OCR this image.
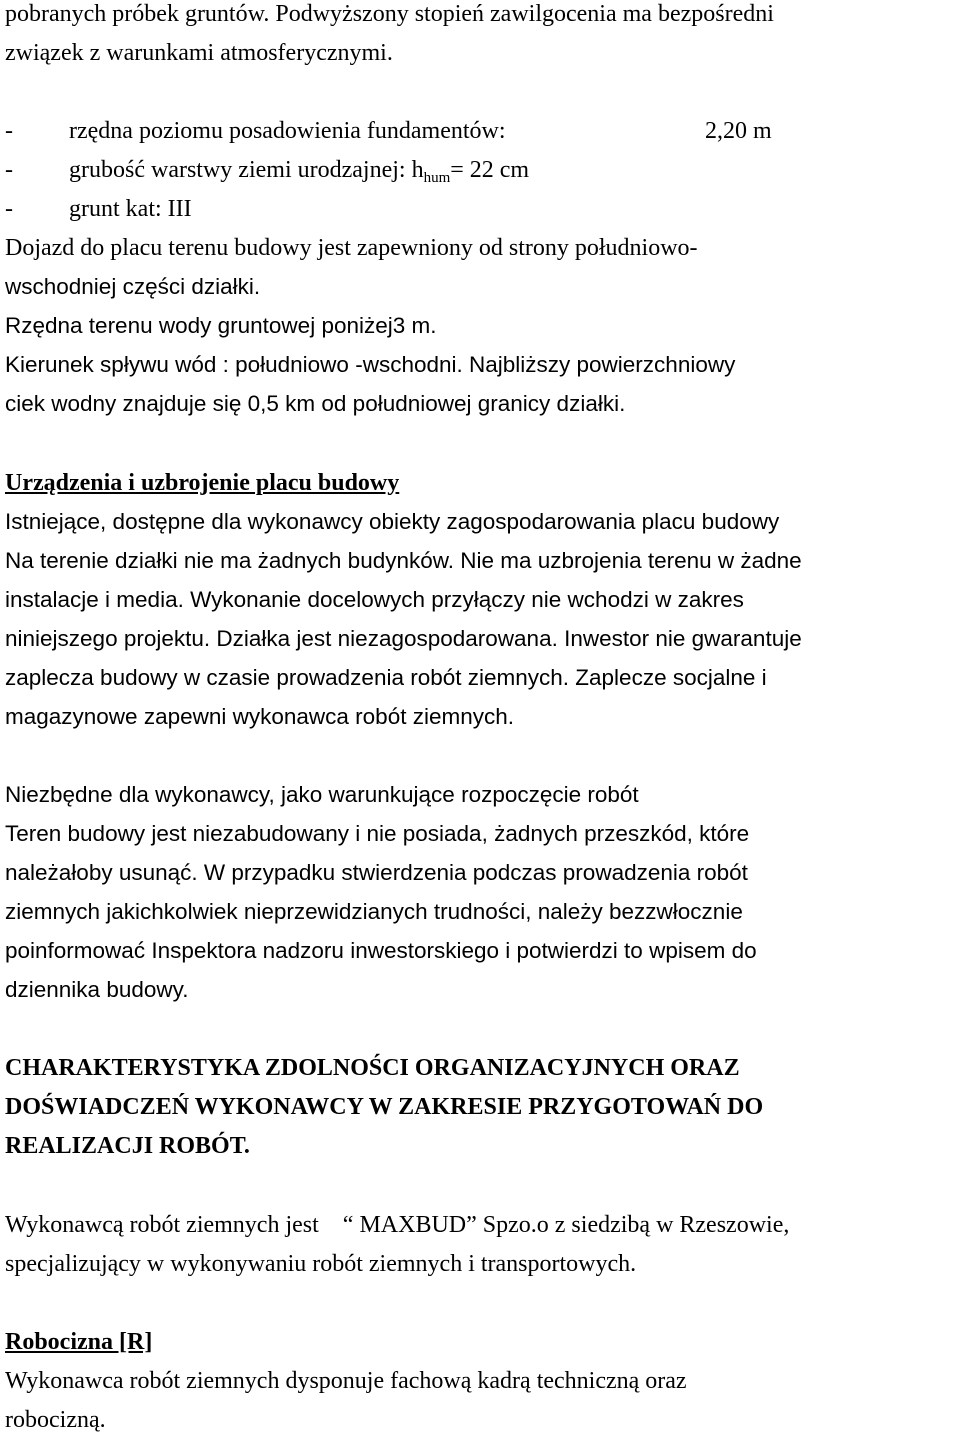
pobranych próbek gruntów. Podwyższony stopień zawilgocenia ma bezpośredni
związek z warunkami atmosferycznymi.
- rzędna poziomu posadowienia fundamentów:	2,20 m
- grubość warstwy ziemi urodzajnej: $h_{hum}= 22$ cm
- grunt kat: III
Dojazd do placu terenu budowy jest zapewniony od strony południowo-
wschodniej części działki.
Rzędna terenu wody gruntowej poniżej3 m.
Kierunek spływu wód : południowo -wschodni. Najbliższy powierzchniowy
ciek wodny znajduje się 0,5 km od południowej granicy działki.
Urządzenia i uzbrojenie placu budowy
Istniejące, dostępne dla wykonawcy obiekty zagospodarowania placu budowy
Na terenie działki nie ma żadnych budynków. Nie ma uzbrojenia terenu w żadne
instalacje i media. Wykonanie docelowych przyłączy nie wchodzi w zakres
niniejszego projektu. Działka jest niezagospodarowana. Inwestor nie gwarantuje
zaplecza budowy w czasie prowadzenia robót ziemnych. Zaplecze socjalne i
magazynowe zapewni wykonawca robót ziemnych.
Niezbędne dla wykonawcy, jako warunkujące rozpoczęcie robót
Teren budowy jest niezabudowany i nie posiada, żadnych przeszkód, które
należałoby usunąć. W przypadku stwierdzenia podczas prowadzenia robót
ziemnych jakichkolwiek nieprzewidzianych trudności, należy bezzwłocznie
poinformować Inspektora nadzoru inwestorskiego i potwierdzi to wpisem do
dziennika budowy.
CHARAKTERYSTYKA ZDOLNOŚCI ORGANIZACYJNYCH ORAZ
DOŚWIADCZEŃ WYKONAWCY W ZAKRESIE PRZYGOTOWAŃ DO
REALIZACJI ROBÓT.
Wykonawcą robót ziemnych jest “ MAXBUD” Spzo.o z siedzibą w Rzeszowie,
specjalizujący w wykonywaniu robót ziemnych i transportowych.
Robocizna [R]
Wykonawca robót ziemnych dysponuje fachową kadrą techniczną oraz
robocizną.
